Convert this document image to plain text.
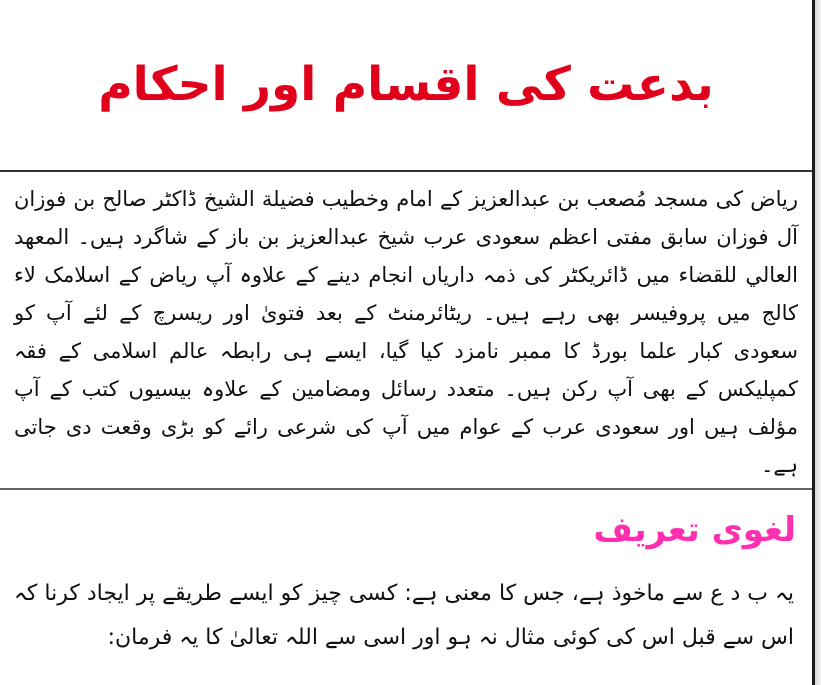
بدعت کی اقسام اور احکام

ریاض کی مسجد مُصعب بن عبدالعزیز کے امام وخطیب فضيلة الشيخ ڈاکٹر صالح بن فوزان آل فوزان سابق مفتی اعظم سعودی عرب شیخ عبدالعزیز بن باز کے شاگرد ہیں۔ المعهد العالي للقضاء میں ڈائریکٹر کی ذمہ داریاں انجام دینے کے علاوہ آپ ریاض کے اسلامک لاء کالج میں پروفیسر بھی رہے ہیں۔ ریٹائرمنٹ کے بعد فتویٰ اور ریسرچ کے لئے آپ کو سعودی کبار علما بورڈ کا ممبر نامزد کیا گیا، ایسے ہی رابطہ عالم اسلامی کے فقہ کمپلیکس کے بھی آپ رکن ہیں۔ متعدد رسائل ومضامین کے علاوہ بیسیوں کتب کے آپ مؤلف ہیں اور سعودی عرب کے عوام میں آپ کی شرعی رائے کو بڑی وقعت دی جاتی ہے۔

لغوی تعریف

یہ ب د ع سے ماخوذ ہے، جس کا معنی ہے: کسی چیز کو ایسے طریقے پر ایجاد کرنا کہ اس سے قبل اس کی کوئی مثال نہ ہو اور اسی سے اللہ تعالیٰ کا یہ فرمان:
